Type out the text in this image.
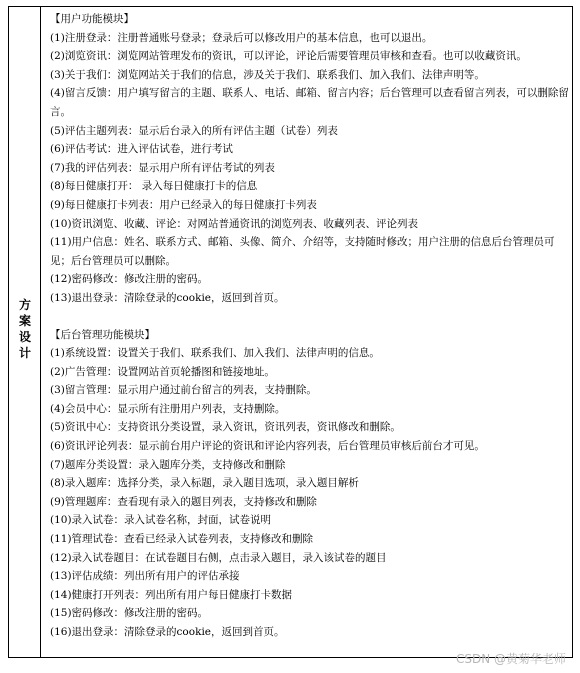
方
案
设
计
【用户功能模块】
(1)注册登录：注册普通账号登录；登录后可以修改用户的基本信息，也可以退出。
(2)浏览资讯：浏览网站管理发布的资讯，可以评论，评论后需要管理员审核和查看。也可以收藏资讯。
(3)关于我们：浏览网站关于我们的信息，涉及关于我们、联系我们、加入我们、法律声明等。
(4)留言反馈：用户填写留言的主题、联系人、电话、邮箱、留言内容；后台管理可以查看留言列表，可以删除留言。
(5)评估主题列表：显示后台录入的所有评估主题（试卷）列表
(6)评估考试：进入评估试卷，进行考试
(7)我的评估列表：显示用户所有评估考试的列表
(8)每日健康打开： 录入每日健康打卡的信息
(9)每日健康打卡列表：用户已经录入的每日健康打卡列表
(10)资讯浏览、收藏、评论：对网站普通资讯的浏览列表、收藏列表、评论列表
(11)用户信息：姓名、联系方式、邮箱、头像、简介、介绍等，支持随时修改；用户注册的信息后台管理员可见；后台管理员可以删除。
(12)密码修改：修改注册的密码。
(13)退出登录：清除登录的cookie，返回到首页。
【后台管理功能模块】
(1)系统设置：设置关于我们、联系我们、加入我们、法律声明的信息。
(2)广告管理：设置网站首页轮播图和链接地址。
(3)留言管理：显示用户通过前台留言的列表，支持删除。
(4)会员中心：显示所有注册用户列表，支持删除。
(5)资讯中心：支持资讯分类设置，录入资讯，资讯列表，资讯修改和删除。
(6)资讯评论列表：显示前台用户评论的资讯和评论内容列表，后台管理员审核后前台才可见。
(7)题库分类设置：录入题库分类，支持修改和删除
(8)录入题库：选择分类，录入标题，录入题目选项，录入题目解析
(9)管理题库：查看现有录入的题目列表，支持修改和删除
(10)录入试卷：录入试卷名称，封面，试卷说明
(11)管理试卷：查看已经录入试卷列表，支持修改和删除
(12)录入试卷题目：在试卷题目右侧，点击录入题目，录入该试卷的题目
(13)评估成绩：列出所有用户的评估承接
(14)健康打开列表：列出所有用户每日健康打卡数据
(15)密码修改：修改注册的密码。
(16)退出登录：清除登录的cookie，返回到首页。
CSDN @黄菊华老师
